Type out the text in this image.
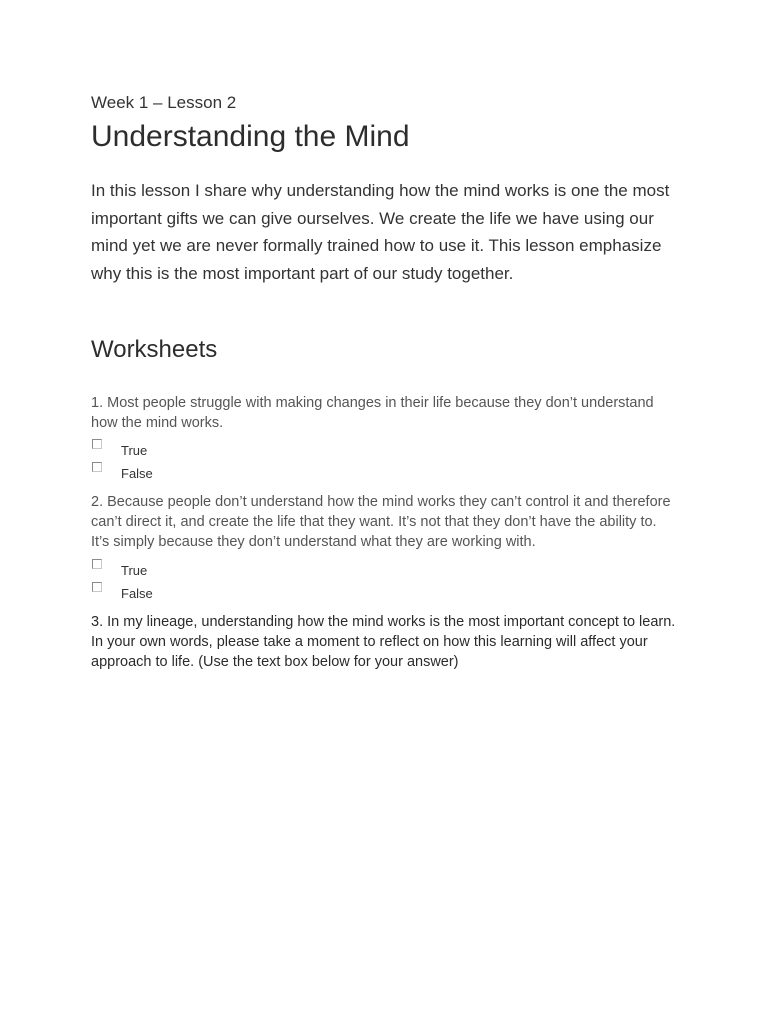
Week 1 – Lesson 2
Understanding the Mind

In this lesson I share why understanding how the mind works is one the most important gifts we can give ourselves. We create the life we have using our mind yet we are never formally trained how to use it. This lesson emphasize why this is the most important part of our study together.

Worksheets

1. Most people struggle with making changes in their life because they don’t understand how the mind works.

True
False

2. Because people don’t understand how the mind works they can’t control it and therefore can’t direct it, and create the life that they want. It’s not that they don’t have the ability to. It’s simply because they don’t understand what they are working with.

True
False

3. In my lineage, understanding how the mind works is the most important concept to learn. In your own words, please take a moment to reflect on how this learning will affect your approach to life. (Use the text box below for your answer)
